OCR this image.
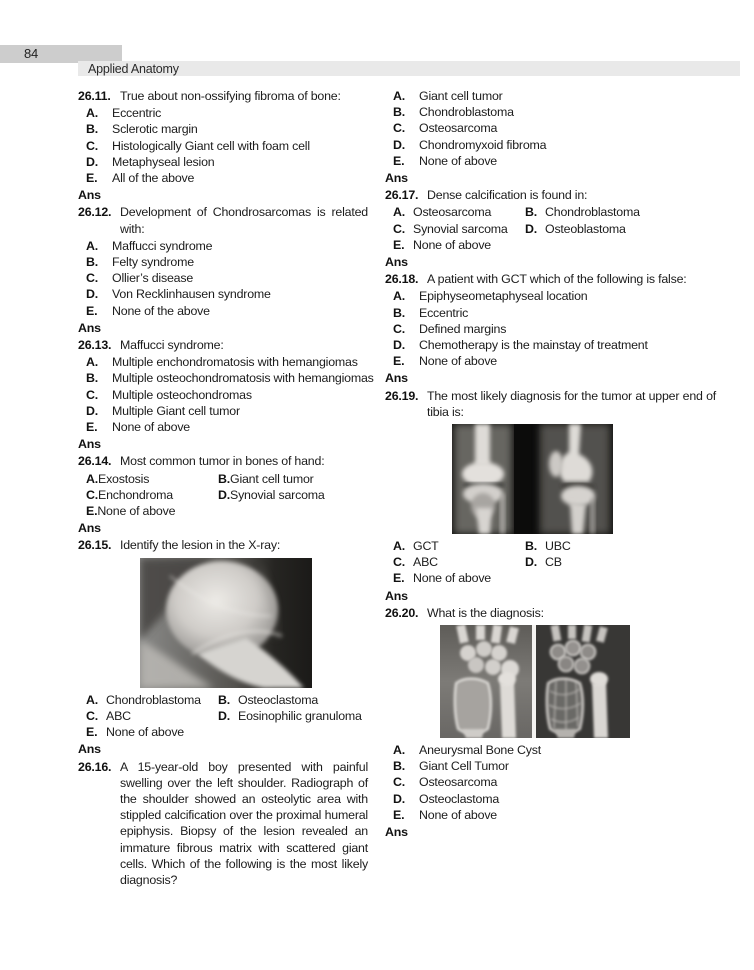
84
Applied Anatomy
26.11. True about non-ossifying fibroma of bone:
A.	Eccentric
B.	Sclerotic margin
C.	Histologically Giant cell with foam cell
D.	Metaphyseal lesion
E.	All of the above
Ans
26.12. Development of Chondrosarcomas is related with:
A.	Maffucci syndrome
B.	Felty syndrome
C.	Ollier’s disease
D.	Von Recklinhausen syndrome
E.	None of the above
Ans
26.13. Maffucci syndrome:
A.	Multiple enchondromatosis with hemangiomas
B.	Multiple osteochondromatosis with hemangiomas
C.	Multiple osteochondromas
D.	Multiple Giant cell tumor
E.	None of above
Ans
26.14. Most common tumor in bones of hand:
A. Exostosis	B. Giant cell tumor
C. Enchondroma	D. Synovial sarcoma
E. None of above
Ans
26.15. Identify the lesion in the X-ray:
A. Chondroblastoma	B. Osteoclastoma
C. ABC	D. Eosinophilic granuloma
E. None of above
Ans
26.16. A 15-year-old boy presented with painful swelling over the left shoulder. Radiograph of the shoulder showed an osteolytic area with stippled calcification over the proximal humeral epiphysis. Biopsy of the lesion revealed an immature fibrous matrix with scattered giant cells. Which of the following is the most likely diagnosis?
A.	Giant cell tumor
B.	Chondroblastoma
C.	Osteosarcoma
D.	Chondromyxoid fibroma
E.	None of above
Ans
26.17. Dense calcification is found in:
A. Osteosarcoma	B. Chondroblastoma
C. Synovial sarcoma	D. Osteoblastoma
E. None of above
Ans
26.18. A patient with GCT which of the following is false:
A.	Epiphyseometaphyseal location
B.	Eccentric
C.	Defined margins
D.	Chemotherapy is the mainstay of treatment
E.	None of above
Ans
26.19. The most likely diagnosis for the tumor at upper end of tibia is:
A. GCT	B. UBC
C. ABC	D. CB
E. None of above
Ans
26.20. What is the diagnosis:
A.	Aneurysmal Bone Cyst
B.	Giant Cell Tumor
C.	Osteosarcoma
D.	Osteoclastoma
E.	None of above
Ans
